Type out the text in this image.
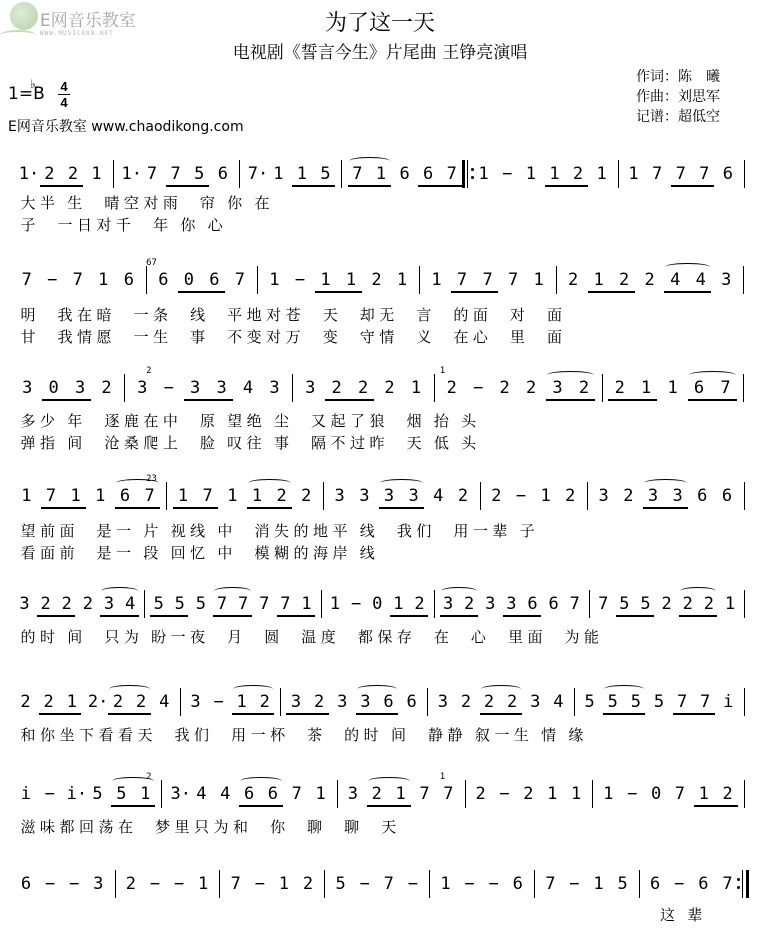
E网音乐教室
WWW.MUSIC888.NET	为了这一天
电视剧《誓言今生》片尾曲 王铮亮演唱
作词：陈　曦
作曲：刘思军
记谱：超低空
1=B
♭ 4
4
E网音乐教室 www.chaodikong.com
1· 2 2 1 1· 7 7 5 6 7· 1 1 5 7 1 6 6 7 1 − 1 1 2 1 1 7 7 7 6
大 半 生 晴 空 对 雨 帘 你 在
子 一 日 对 千 年 你 心
7 − 7 1 6 6 0 6 7 1 − 1 1 2 1 1 7 7 7 1 2 1 2 2 4 4 3
67
明 我 在 暗 一 条 线 平 地 对 苍 天 却 无 言 的 面 对 面
甘 我 情 愿 一 生 事 不 变 对 万 变 守 情 义 在 心 里 面
3 0 3 2 3 − 3 3 4 3 3 2 2 2 1 2 − 2 2 3 2 2 1 1 6 7
2	1
多 少 年 逐 鹿 在 中 原 望 绝 尘 又 起 了 狼 烟 抬 头
弹 指 间 沧 桑 爬 上 脸 叹 往 事 隔 不 过 昨 天 低 头
1 7 1 1 6 7 1 7 1 1 2 2 3 3 3 3 4 2 2 − 1 2 3 2 3 3 6 6
23
望 前 面 是 一 片 视 线 中 消 失 的 地 平 线 我 们 用 一 辈 子
看 面 前 是 一 段 回 忆 中 模 糊 的 海 岸 线
3 2 2 2 3 4 5 5 5 7 7 7 7 1 1 − 0 1 2 3 2 3 3 6 6 7 7 5 5 2 2 2 1
的 时 间 只 为 盼 一 夜 月 圆 温 度 都 保 存 在 心 里 面 为 能
2 2 1 2· 2 2 4 3 − 1 2 3 2 3 3 6 6 3 2 2 2 3 4 5 5 5 5 7 7 i
和 你 坐 下 看 看 天 我 们 用 一 杯 茶 的 时 间 静 静 叙 一 生 情 缘
i − i· 5 5 1 3· 4 4 6 6 7 1 3 2 1 7 7 2 − 2 1 1 1 − 0 7 1 2
2	1
滋 味 都 回 荡 在 梦 里 只 为 和 你 聊 聊 天
6 − − 3 2 − − 1 7 − 1 2 5 − 7 − 1 − − 6 7 − 1 5 6 − 6 7
这 辈
